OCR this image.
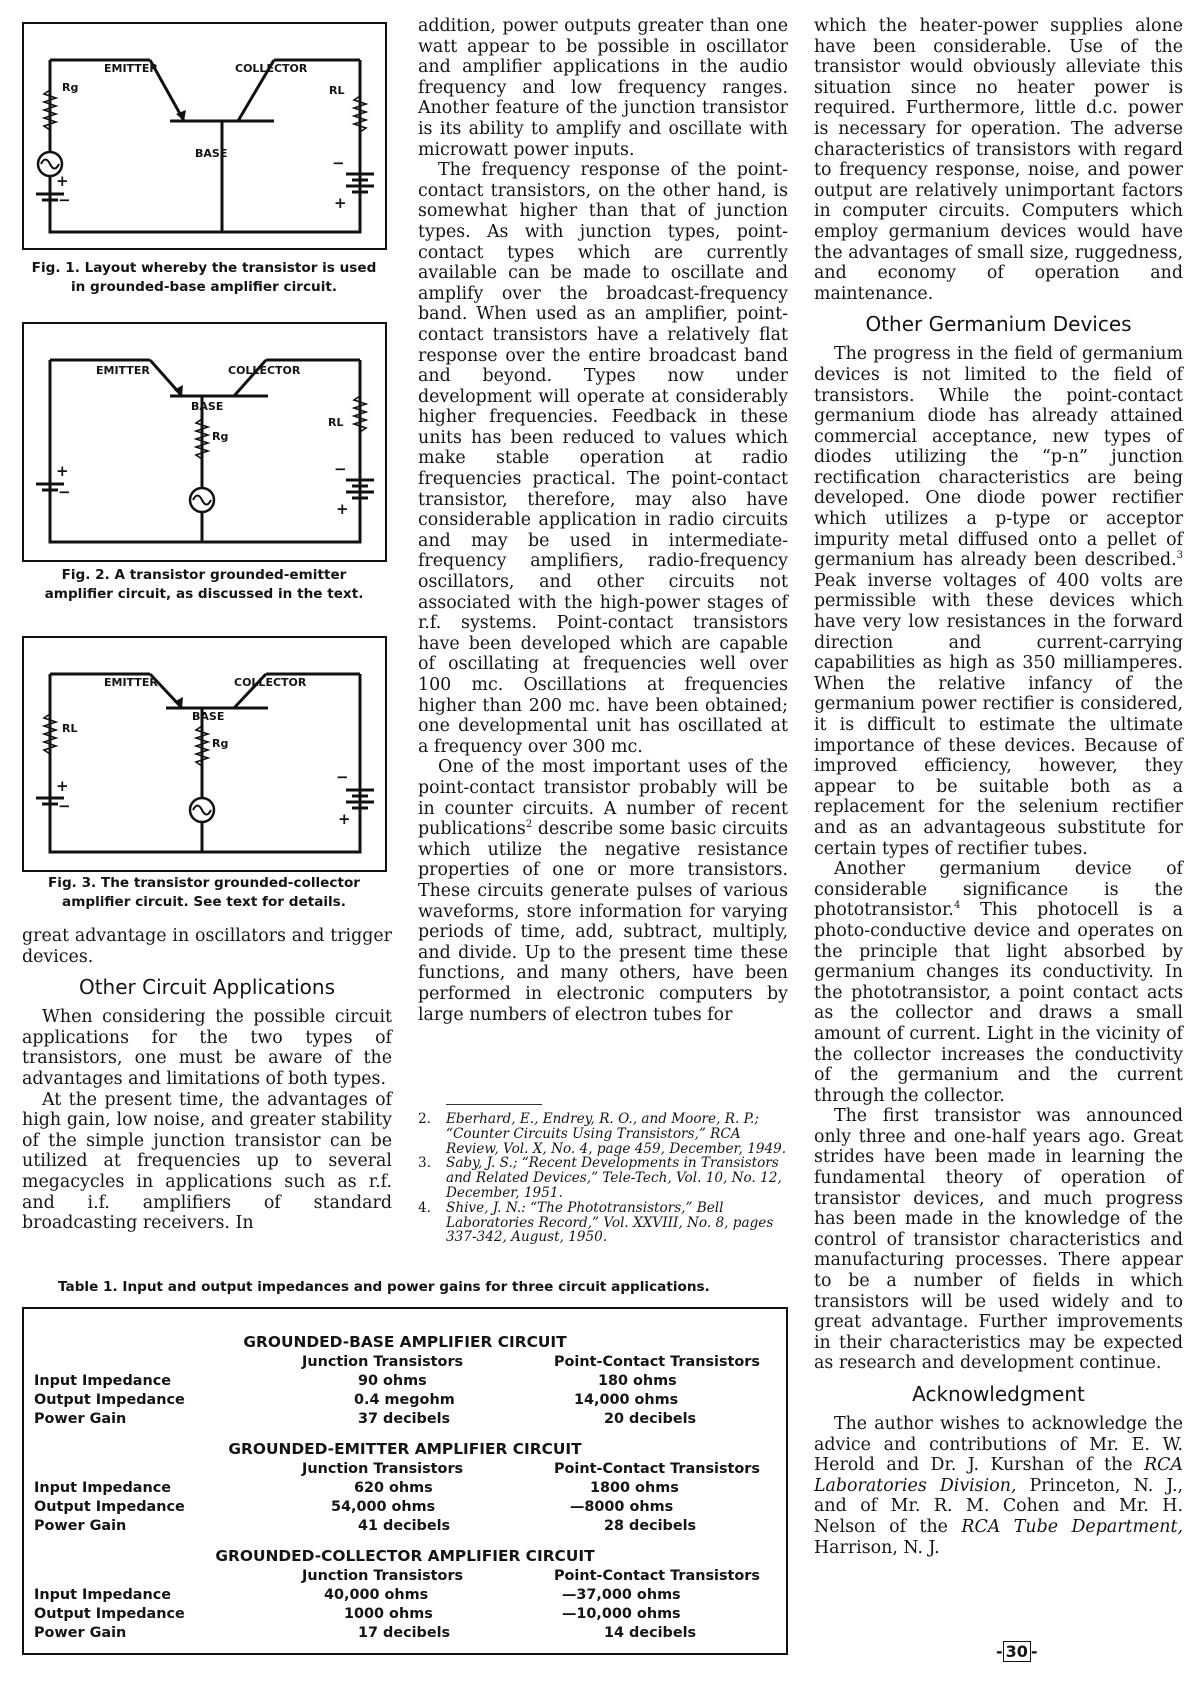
EMITTER	COLLECTOR
BASE
Rg	RL
+
−
−
+
Fig. 1. Layout whereby the transistor is used in grounded-base amplifier circuit.
EMITTER	COLLECTOR
BASE
Rg
RL
+
−
−
+
Fig. 2. A transistor grounded-emitter amplifier circuit, as discussed in the text.
EMITTER	COLLECTOR
BASE
Rg
RL
+
−
−
+
Fig. 3. The transistor grounded-collector amplifier circuit. See text for details.

great advantage in oscillators and trigger devices.

Other Circuit Applications

When considering the possible circuit applications for the two types of transistors, one must be aware of the advantages and limitations of both types.

At the present time, the advantages of high gain, low noise, and greater stability of the simple junction transistor can be utilized at frequencies up to several megacycles in applications such as r.f. and i.f. amplifiers of standard broadcasting receivers. In

addition, power outputs greater than one watt appear to be possible in oscillator and amplifier applications in the audio frequency and low frequency ranges. Another feature of the junction transistor is its ability to amplify and oscillate with microwatt power inputs.

The frequency response of the point-contact transistors, on the other hand, is somewhat higher than that of junction types. As with junction types, point-contact types which are currently available can be made to oscillate and amplify over the broadcast-frequency band. When used as an amplifier, point-contact transistors have a relatively flat response over the entire broadcast band and beyond. Types now under development will operate at considerably higher frequencies. Feedback in these units has been reduced to values which make stable operation at radio frequencies practical. The point-contact transistor, therefore, may also have considerable application in radio circuits and may be used in intermediate-frequency amplifiers, radio-frequency oscillators, and other circuits not associated with the high-power stages of r.f. systems. Point-contact transistors have been developed which are capable of oscillating at frequencies well over 100 mc. Oscillations at frequencies higher than 200 mc. have been obtained; one developmental unit has oscillated at a frequency over 300 mc.

One of the most important uses of the point-contact transistor probably will be in counter circuits. A number of recent publications$^2$ describe some basic circuits which utilize the negative resistance properties of one or more transistors. These circuits generate pulses of various waveforms, store information for varying periods of time, add, subtract, multiply, and divide. Up to the present time these functions, and many others, have been performed in electronic computers by large numbers of electron tubes for

2.	Eberhard, E., Endrey, R. O., and Moore, R. P.; “Counter Circuits Using Transistors,” RCA Review, Vol. X, No. 4, page 459, December, 1949.
3.	Saby, J. S.; “Recent Developments in Transistors and Related Devices,” Tele-Tech, Vol. 10, No. 12, December, 1951.
4.	Shive, J. N.: “The Phototransistors,” Bell Laboratories Record,” Vol. XXVIII, No. 8, pages 337-342, August, 1950.

which the heater-power supplies alone have been considerable. Use of the transistor would obviously alleviate this situation since no heater power is required. Furthermore, little d.c. power is necessary for operation. The adverse characteristics of transistors with regard to frequency response, noise, and power output are relatively unimportant factors in computer circuits. Computers which employ germanium devices would have the advantages of small size, ruggedness, and economy of operation and maintenance.

Other Germanium Devices

The progress in the field of germanium devices is not limited to the field of transistors. While the point-contact germanium diode has already attained commercial acceptance, new types of diodes utilizing the “p-n” junction rectification characteristics are being developed. One diode power rectifier which utilizes a p-type or acceptor impurity metal diffused onto a pellet of germanium has already been described.$^3$ Peak inverse voltages of 400 volts are permissible with these devices which have very low resistances in the forward direction and current-carrying capabilities as high as 350 milliamperes. When the relative infancy of the germanium power rectifier is considered, it is difficult to estimate the ultimate importance of these devices. Because of improved efficiency, however, they appear to be suitable both as a replacement for the selenium rectifier and as an advantageous substitute for certain types of rectifier tubes.

Another germanium device of considerable significance is the phototransistor.$^4$ This photocell is a photo-conductive device and operates on the principle that light absorbed by germanium changes its conductivity. In the phototransistor, a point contact acts as the collector and draws a small amount of current. Light in the vicinity of the collector increases the conductivity of the germanium and the current through the collector.

The first transistor was announced only three and one-half years ago. Great strides have been made in learning the fundamental theory of operation of transistor devices, and much progress has been made in the knowledge of the control of transistor characteristics and manufacturing processes. There appear to be a number of fields in which transistors will be used widely and to great advantage. Further improvements in their characteristics may be expected as research and development continue.

Acknowledgment

The author wishes to acknowledge the advice and contributions of Mr. E. W. Herold and Dr. J. Kurshan of the RCA Laboratories Division, Princeton, N. J., and of Mr. R. M. Cohen and Mr. H. Nelson of the RCA Tube Department, Harrison, N. J.

- 30 -
Table 1. Input and output impedances and power gains for three circuit applications.
GROUNDED-BASE AMPLIFIER CIRCUIT
Junction Transistors	Point-Contact Transistors
Input Impedance	90 ohms	180 ohms
Output Impedance	0.4 megohm	14,000 ohms
Power Gain	37 decibels	20 decibels
GROUNDED-EMITTER AMPLIFIER CIRCUIT
Junction Transistors	Point-Contact Transistors
Input Impedance	620 ohms	1800 ohms
Output Impedance	54,000 ohms	—8000 ohms
Power Gain	41 decibels	28 decibels
GROUNDED-COLLECTOR AMPLIFIER CIRCUIT
Junction Transistors	Point-Contact Transistors
Input Impedance	40,000 ohms	—37,000 ohms
Output Impedance	1000 ohms	—10,000 ohms
Power Gain	17 decibels	14 decibels
